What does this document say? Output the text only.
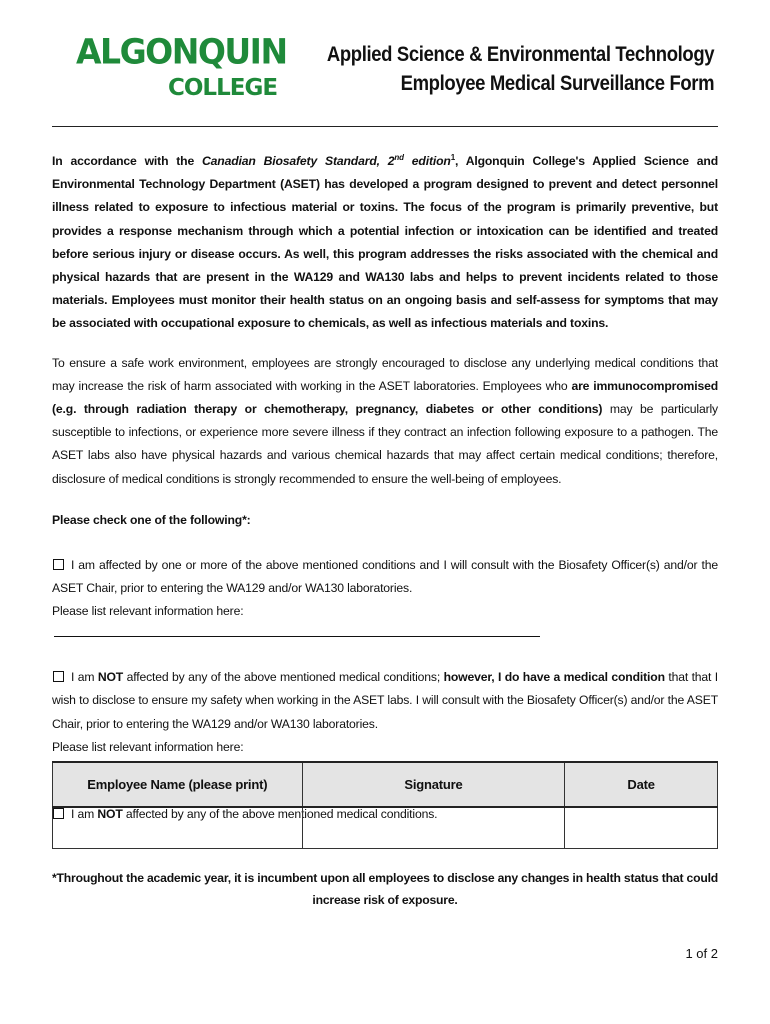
ALGONQUIN
COLLEGE
Applied Science & Environmental Technology
Employee Medical Surveillance Form

In accordance with the Canadian Biosafety Standard, 2nd edition$^1$, Algonquin College's Applied Science and Environmental Technology Department (ASET) has developed a program designed to prevent and detect personnel illness related to exposure to infectious material or toxins. The focus of the program is primarily preventive, but provides a response mechanism through which a potential infection or intoxication can be identified and treated before serious injury or disease occurs. As well, this program addresses the risks associated with the chemical and physical hazards that are present in the WA129 and WA130 labs and helps to prevent incidents related to those materials. Employees must monitor their health status on an ongoing basis and self-assess for symptoms that may be associated with occupational exposure to chemicals, as well as infectious materials and toxins.

To ensure a safe work environment, employees are strongly encouraged to disclose any underlying medical conditions that may increase the risk of harm associated with working in the ASET laboratories. Employees who are immunocompromised (e.g. through radiation therapy or chemotherapy, pregnancy, diabetes or other conditions) may be particularly susceptible to infections, or experience more severe illness if they contract an infection following exposure to a pathogen. The ASET labs also have physical hazards and various chemical hazards that may affect certain medical conditions; therefore, disclosure of medical conditions is strongly recommended to ensure the well-being of employees.

Please check one of the following*:
I am affected by one or more of the above mentioned conditions and I will consult with the Biosafety Officer(s) and/or the ASET Chair, prior to entering the WA129 and/or WA130 laboratories.
Please list relevant information here:
I am NOT affected by any of the above mentioned medical conditions; however, I do have a medical condition that that I wish to disclose to ensure my safety when working in the ASET labs. I will consult with the Biosafety Officer(s) and/or the ASET Chair, prior to entering the WA129 and/or WA130 laboratories.
Please list relevant information here:
I am NOT affected by any of the above mentioned medical conditions.
Employee Name (please print)	Signature	Date

*Throughout the academic year, it is incumbent upon all employees to disclose any changes in health status that could increase risk of exposure.
1 of 2
